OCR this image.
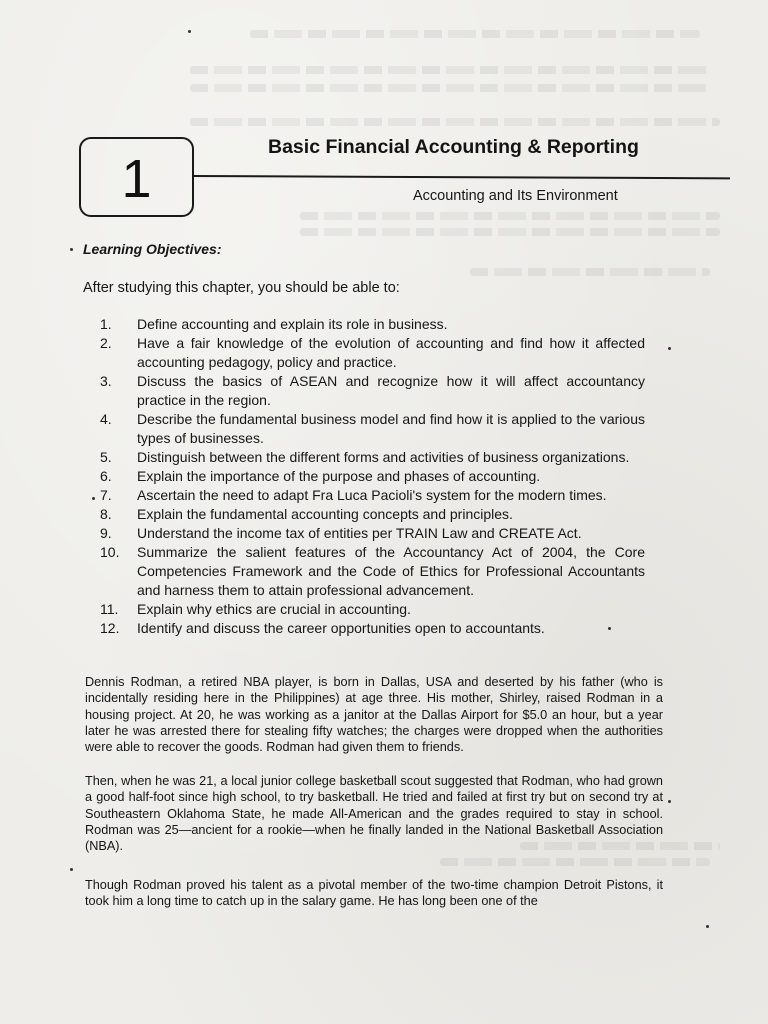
1
Basic Financial Accounting & Reporting
Accounting and Its Environment
Learning Objectives:
After studying this chapter, you should be able to:
1.	Define accounting and explain its role in business.
2.	Have a fair knowledge of the evolution of accounting and find how it affected accounting pedagogy, policy and practice.
3.	Discuss the basics of ASEAN and recognize how it will affect accountancy practice in the region.
4.	Describe the fundamental business model and find how it is applied to the various types of businesses.
5.	Distinguish between the different forms and activities of business organizations.
6.	Explain the importance of the purpose and phases of accounting.
7.	Ascertain the need to adapt Fra Luca Pacioli's system for the modern times.
8.	Explain the fundamental accounting concepts and principles.
9.	Understand the income tax of entities per TRAIN Law and CREATE Act.
10.	Summarize the salient features of the Accountancy Act of 2004, the Core Competencies Framework and the Code of Ethics for Professional Accountants and harness them to attain professional advancement.
11.	Explain why ethics are crucial in accounting.
12.	Identify and discuss the career opportunities open to accountants.

Dennis Rodman, a retired NBA player, is born in Dallas, USA and deserted by his father (who is incidentally residing here in the Philippines) at age three. His mother, Shirley, raised Rodman in a housing project. At 20, he was working as a janitor at the Dallas Airport for $5.0 an hour, but a year later he was arrested there for stealing fifty watches; the charges were dropped when the authorities were able to recover the goods. Rodman had given them to friends.

Then, when he was 21, a local junior college basketball scout suggested that Rodman, who had grown a good half-foot since high school, to try basketball. He tried and failed at first try but on second try at Southeastern Oklahoma State, he made All-American and the grades required to stay in school. Rodman was 25—ancient for a rookie—when he finally landed in the National Basketball Association (NBA).

Though Rodman proved his talent as a pivotal member of the two-time champion Detroit Pistons, it took him a long time to catch up in the salary game. He has long been one of the
